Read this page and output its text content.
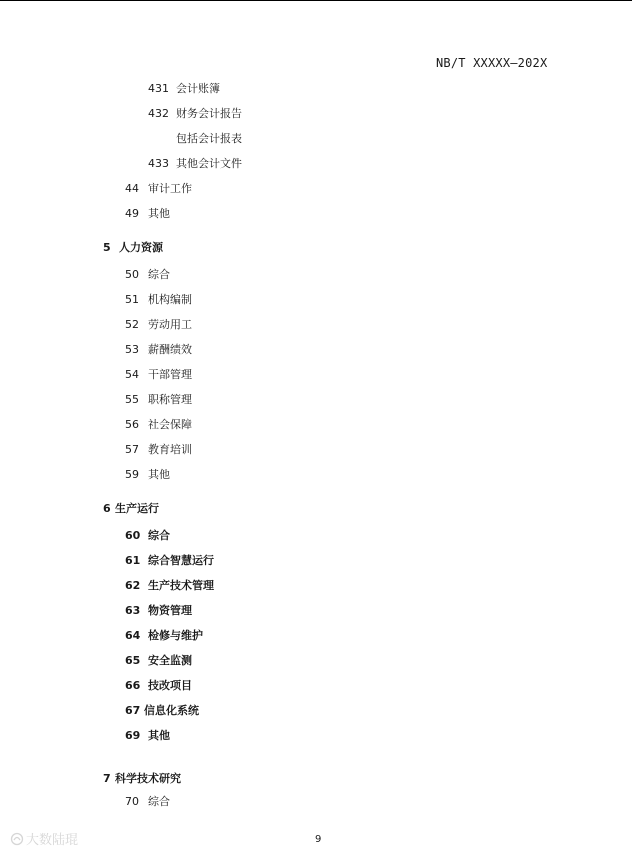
NB/T XXXXX—202X
431 会计账簿
432 财务会计报告
包括会计报表
433 其他会计文件
44 审计工作
49 其他
5 人力资源
50 综合
51 机构编制
52 劳动用工
53 薪酬绩效
54 干部管理
55 职称管理
56 社会保障
57 教育培训
59 其他
6 生产运行
60 综合
61 综合智慧运行
62 生产技术管理
63 物资管理
64 检修与维护
65 安全监测
66 技改项目
67 信息化系统
69 其他
7 科学技术研究
70 综合
9
大数陆琨
